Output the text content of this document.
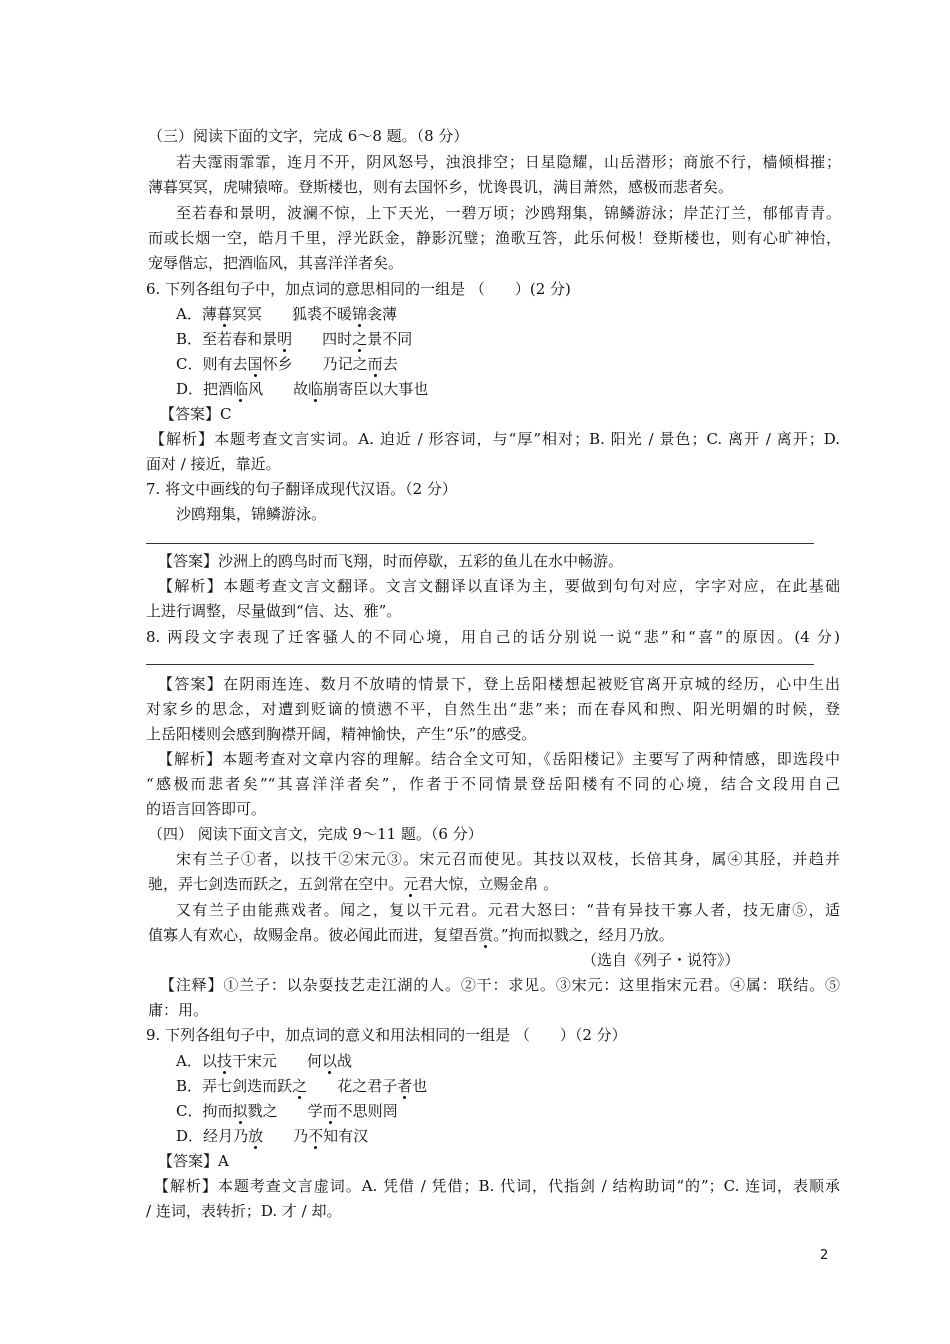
（三）阅读下面的文字，完成 6～8 题。（8 分）
若夫霪雨霏霏，连月不开，阴风怒号，浊浪排空；日星隐耀，山岳潜形；商旅不行，樯倾楫摧；
薄暮冥冥，虎啸猿啼。登斯楼也，则有去国怀乡，忧谗畏讥，满目萧然，感极而悲者矣。
至若春和景明，波澜不惊，上下天光，一碧万顷；沙鸥翔集，锦鳞游泳；岸芷汀兰，郁郁青青。
而或长烟一空，皓月千里，浮光跃金，静影沉璧；渔歌互答，此乐何极！登斯楼也，则有心旷神怡，
宠辱偕忘，把酒临风，其喜洋洋者矣。
6. 下列各组句子中，加点词的意思相同的一组是 （　　）(2 分)
A．薄暮冥冥　　 狐裘不暖锦衾薄
B．至若春和景明　　 四时之景不同
C．则有去国怀乡　　 乃记之而去
D．把酒临风　　 故临崩寄臣以大事也
【答案】C
【解析】本题考查文言实词。A. 迫近 / 形容词，与“厚”相对；B. 阳光 / 景色；C. 离开 / 离开；D.
面对 / 接近，靠近。
7. 将文中画线的句子翻译成现代汉语。（2 分）
沙鸥翔集，锦鳞游泳。
【答案】沙洲上的鸥鸟时而飞翔，时而停歇，五彩的鱼儿在水中畅游。
【解析】本题考查文言文翻译。文言文翻译以直译为主，要做到句句对应，字字对应，在此基础
上进行调整，尽量做到“信、达、雅”。
8. 两段文字表现了迁客骚人的不同心境，用自己的话分别说一说“悲”和“喜”的原因。(4 分)
【答案】在阴雨连连、数月不放晴的情景下，登上岳阳楼想起被贬官离开京城的经历，心中生出
对家乡的思念，对遭到贬谪的愤懑不平，自然生出“悲”来；而在春风和煦、阳光明媚的时候，登
上岳阳楼则会感到胸襟开阔，精神愉快，产生“乐”的感受。
【解析】本题考查对文章内容的理解。结合全文可知，《岳阳楼记》主要写了两种情感，即选段中
“感极而悲者矣”“其喜洋洋者矣”，作者于不同情景登岳阳楼有不同的心境，结合文段用自己
的语言回答即可。
（四） 阅读下面文言文，完成 9～11 题。（6 分）
宋有兰子①者，以技干②宋元③。宋元召而使见。其技以双枝，长倍其身，属④其胫，并趋并
驰，弄七剑迭而跃之，五剑常在空中。元君大惊，立赐金帛 。
又有兰子由能燕戏者。闻之，复以干元君。元君大怒曰：“昔有异技干寡人者，技无庸⑤，适
值寡人有欢心，故赐金帛。彼必闻此而进，复望吾赏。”拘而拟戮之，经月乃放。
（选自《列子・说符》）
【注释】①兰子：以杂耍技艺走江湖的人。②干：求见。③宋元：这里指宋元君。④属：联结。⑤
庸：用。
9. 下列各组句子中，加点词的意义和用法相同的一组是 （　　）（2 分）
A．以技干宋元　　 何以战
B．弄七剑迭而跃之　　 花之君子者也
C．拘而拟戮之　　 学而不思则罔
D．经月乃放　　 乃不知有汉
【答案】A
【解析】本题考查文言虚词。A. 凭借 / 凭借；B. 代词，代指剑 / 结构助词“的”；C. 连词，表顺承
/ 连词，表转折；D. 才 / 却。
2
